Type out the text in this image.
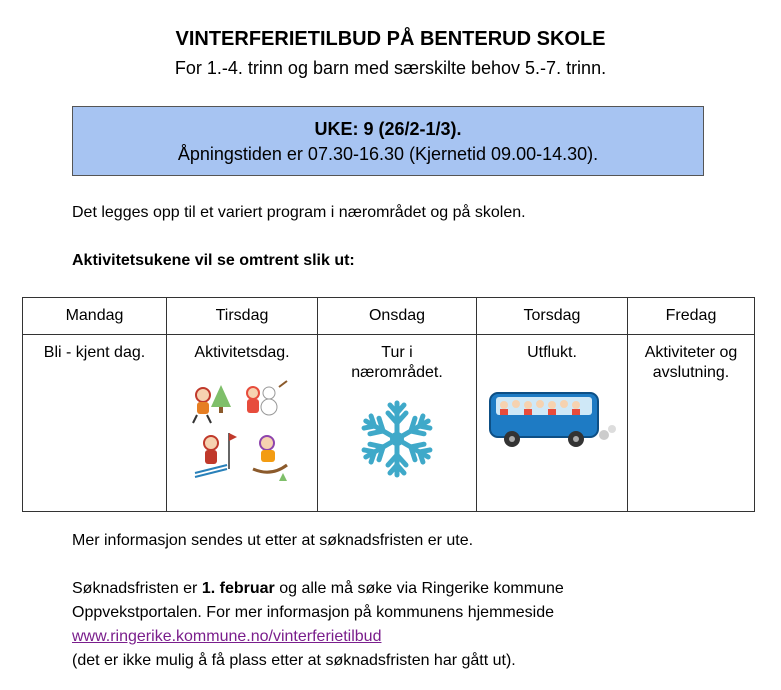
VINTERFERIETILBUD PÅ BENTERUD SKOLE
For 1.-4. trinn og barn med særskilte behov 5.-7. trinn.
UKE: 9 (26/2-1/3).
Åpningstiden er 07.30-16.30 (Kjernetid 09.00-14.30).
Det legges opp til et variert program i nærområdet og på skolen.
Aktivitetsukene vil se omtrent slik ut:
Mandag	Tirsdag	Onsdag	Torsdag	Fredag

Bli - kjent dag.	Aktivitetsdag.	Tur i
nærområdet.	Utflukt.	Aktiviteter og
avslutning.
Mer informasjon sendes ut etter at søknadsfristen er ute.
Søknadsfristen er 1. februar og alle må søke via Ringerike kommune
Oppvekstportalen. For mer informasjon på kommunens hjemmeside
www.ringerike.kommune.no/vinterferietilbud
(det er ikke mulig å få plass etter at søknadsfristen har gått ut).
